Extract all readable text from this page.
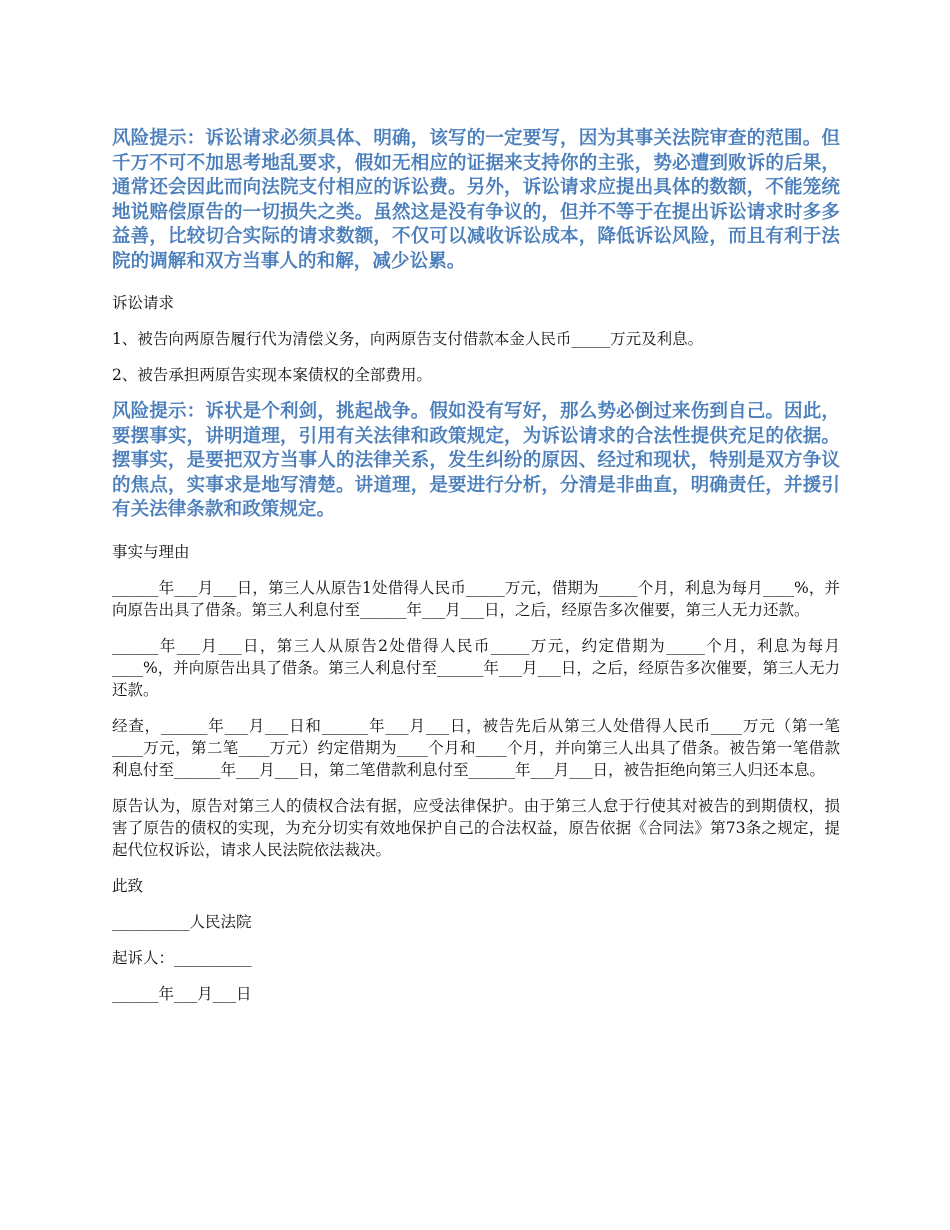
风险提示：诉讼请求必须具体、明确，该写的一定要写，因为其事关法院审查的范围。但千万不可不加思考地乱要求，假如无相应的证据来支持你的主张，势必遭到败诉的后果，通常还会因此而向法院支付相应的诉讼费。另外，诉讼请求应提出具体的数额，不能笼统地说赔偿原告的一切损失之类。虽然这是没有争议的，但并不等于在提出诉讼请求时多多益善，比较切合实际的请求数额，不仅可以减收诉讼成本，降低诉讼风险，而且有利于法院的调解和双方当事人的和解，减少讼累。

诉讼请求

1、被告向两原告履行代为清偿义务，向两原告支付借款本金人民币_____万元及利息。

2、被告承担两原告实现本案债权的全部费用。

风险提示：诉状是个利剑，挑起战争。假如没有写好，那么势必倒过来伤到自己。因此，要摆事实，讲明道理，引用有关法律和政策规定，为诉讼请求的合法性提供充足的依据。摆事实，是要把双方当事人的法律关系，发生纠纷的原因、经过和现状，特别是双方争议的焦点，实事求是地写清楚。讲道理，是要进行分析，分清是非曲直，明确责任，并援引有关法律条款和政策规定。

事实与理由

______年___月___日，第三人从原告1处借得人民币_____万元，借期为_____个月，利息为每月____%，并向原告出具了借条。第三人利息付至______年___月___日，之后，经原告多次催要，第三人无力还款。

______年___月___日，第三人从原告2处借得人民币_____万元，约定借期为_____个月，利息为每月____%，并向原告出具了借条。第三人利息付至______年___月___日，之后，经原告多次催要，第三人无力还款。

经查，______年___月___日和______年___月___日，被告先后从第三人处借得人民币____万元（第一笔____万元，第二笔____万元）约定借期为____个月和____个月，并向第三人出具了借条。被告第一笔借款利息付至______年___月___日，第二笔借款利息付至______年___月___日，被告拒绝向第三人归还本息。

原告认为，原告对第三人的债权合法有据，应受法律保护。由于第三人怠于行使其对被告的到期债权，损害了原告的债权的实现，为充分切实有效地保护自己的合法权益，原告依据《合同法》第73条之规定，提起代位权诉讼，请求人民法院依法裁决。

此致

__________人民法院

起诉人：__________

______年___月___日
